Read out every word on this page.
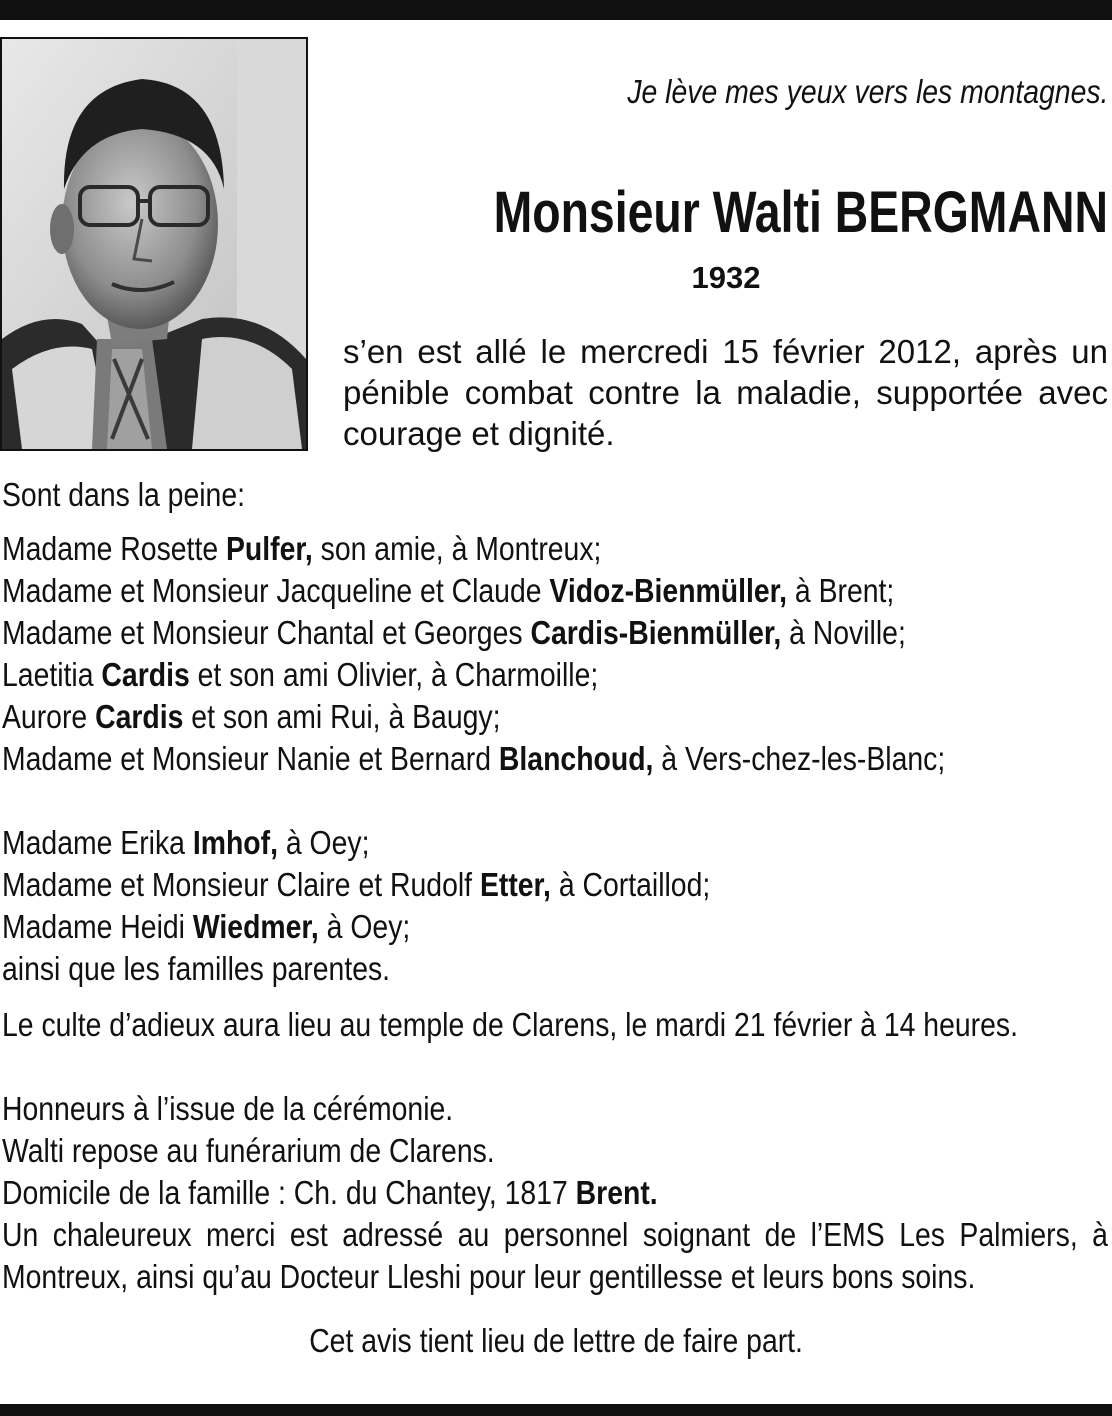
Je lève mes yeux vers les montagnes.
Monsieur Walti BERGMANN
1932
s’en est allé le mercredi 15 février 2012, après un pénible combat contre la maladie, supportée avec courage et dignité.
Sont dans la peine:
Madame Rosette Pulfer, son amie, à Montreux;
Madame et Monsieur Jacqueline et Claude Vidoz-Bienmüller, à Brent;
Madame et Monsieur Chantal et Georges Cardis-Bienmüller, à Noville;
Laetitia Cardis et son ami Olivier, à Charmoille;
Aurore Cardis et son ami Rui, à Baugy;
Madame et Monsieur Nanie et Bernard Blanchoud, à Vers-chez-les-Blanc;
Madame Erika Imhof, à Oey;
Madame et Monsieur Claire et Rudolf Etter, à Cortaillod;
Madame Heidi Wiedmer, à Oey;
ainsi que les familles parentes.
Le culte d’adieux aura lieu au temple de Clarens, le mardi 21 février à 14 heures.
Honneurs à l’issue de la cérémonie.
Walti repose au funérarium de Clarens.
Domicile de la famille : Ch. du Chantey, 1817 Brent.
Un chaleureux merci est adressé au personnel soignant de l’EMS Les Palmiers, à Montreux, ainsi qu’au Docteur Lleshi pour leur gentillesse et leurs bons soins.
Cet avis tient lieu de lettre de faire part.
